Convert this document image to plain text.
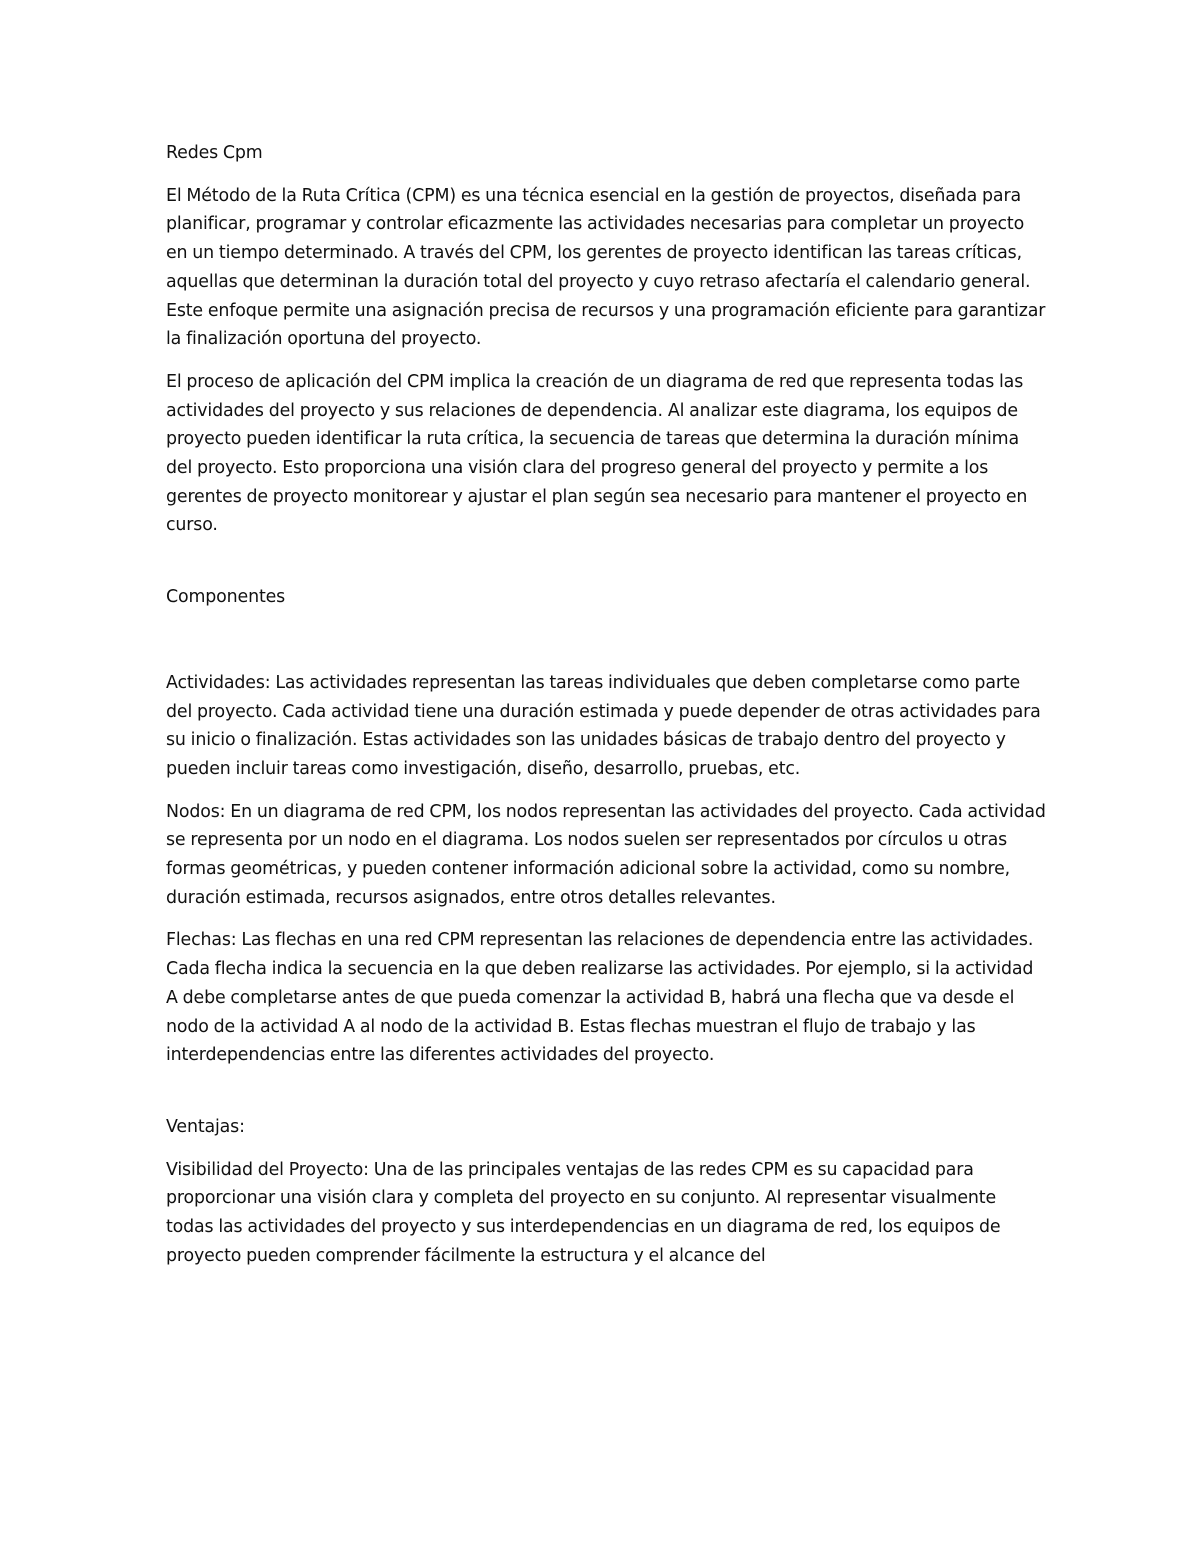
Redes Cpm

El Método de la Ruta Crítica (CPM) es una técnica esencial en la gestión de proyectos, diseñada para planificar, programar y controlar eficazmente las actividades necesarias para completar un proyecto en un tiempo determinado. A través del CPM, los gerentes de proyecto identifican las tareas críticas, aquellas que determinan la duración total del proyecto y cuyo retraso afectaría el calendario general. Este enfoque permite una asignación precisa de recursos y una programación eficiente para garantizar la finalización oportuna del proyecto.

El proceso de aplicación del CPM implica la creación de un diagrama de red que representa todas las actividades del proyecto y sus relaciones de dependencia. Al analizar este diagrama, los equipos de proyecto pueden identificar la ruta crítica, la secuencia de tareas que determina la duración mínima del proyecto. Esto proporciona una visión clara del progreso general del proyecto y permite a los gerentes de proyecto monitorear y ajustar el plan según sea necesario para mantener el proyecto en curso.

Componentes

Actividades: Las actividades representan las tareas individuales que deben completarse como parte del proyecto. Cada actividad tiene una duración estimada y puede depender de otras actividades para su inicio o finalización. Estas actividades son las unidades básicas de trabajo dentro del proyecto y pueden incluir tareas como investigación, diseño, desarrollo, pruebas, etc.

Nodos: En un diagrama de red CPM, los nodos representan las actividades del proyecto. Cada actividad se representa por un nodo en el diagrama. Los nodos suelen ser representados por círculos u otras formas geométricas, y pueden contener información adicional sobre la actividad, como su nombre, duración estimada, recursos asignados, entre otros detalles relevantes.

Flechas: Las flechas en una red CPM representan las relaciones de dependencia entre las actividades. Cada flecha indica la secuencia en la que deben realizarse las actividades. Por ejemplo, si la actividad A debe completarse antes de que pueda comenzar la actividad B, habrá una flecha que va desde el nodo de la actividad A al nodo de la actividad B. Estas flechas muestran el flujo de trabajo y las interdependencias entre las diferentes actividades del proyecto.

Ventajas:

Visibilidad del Proyecto: Una de las principales ventajas de las redes CPM es su capacidad para proporcionar una visión clara y completa del proyecto en su conjunto. Al representar visualmente todas las actividades del proyecto y sus interdependencias en un diagrama de red, los equipos de proyecto pueden comprender fácilmente la estructura y el alcance del
